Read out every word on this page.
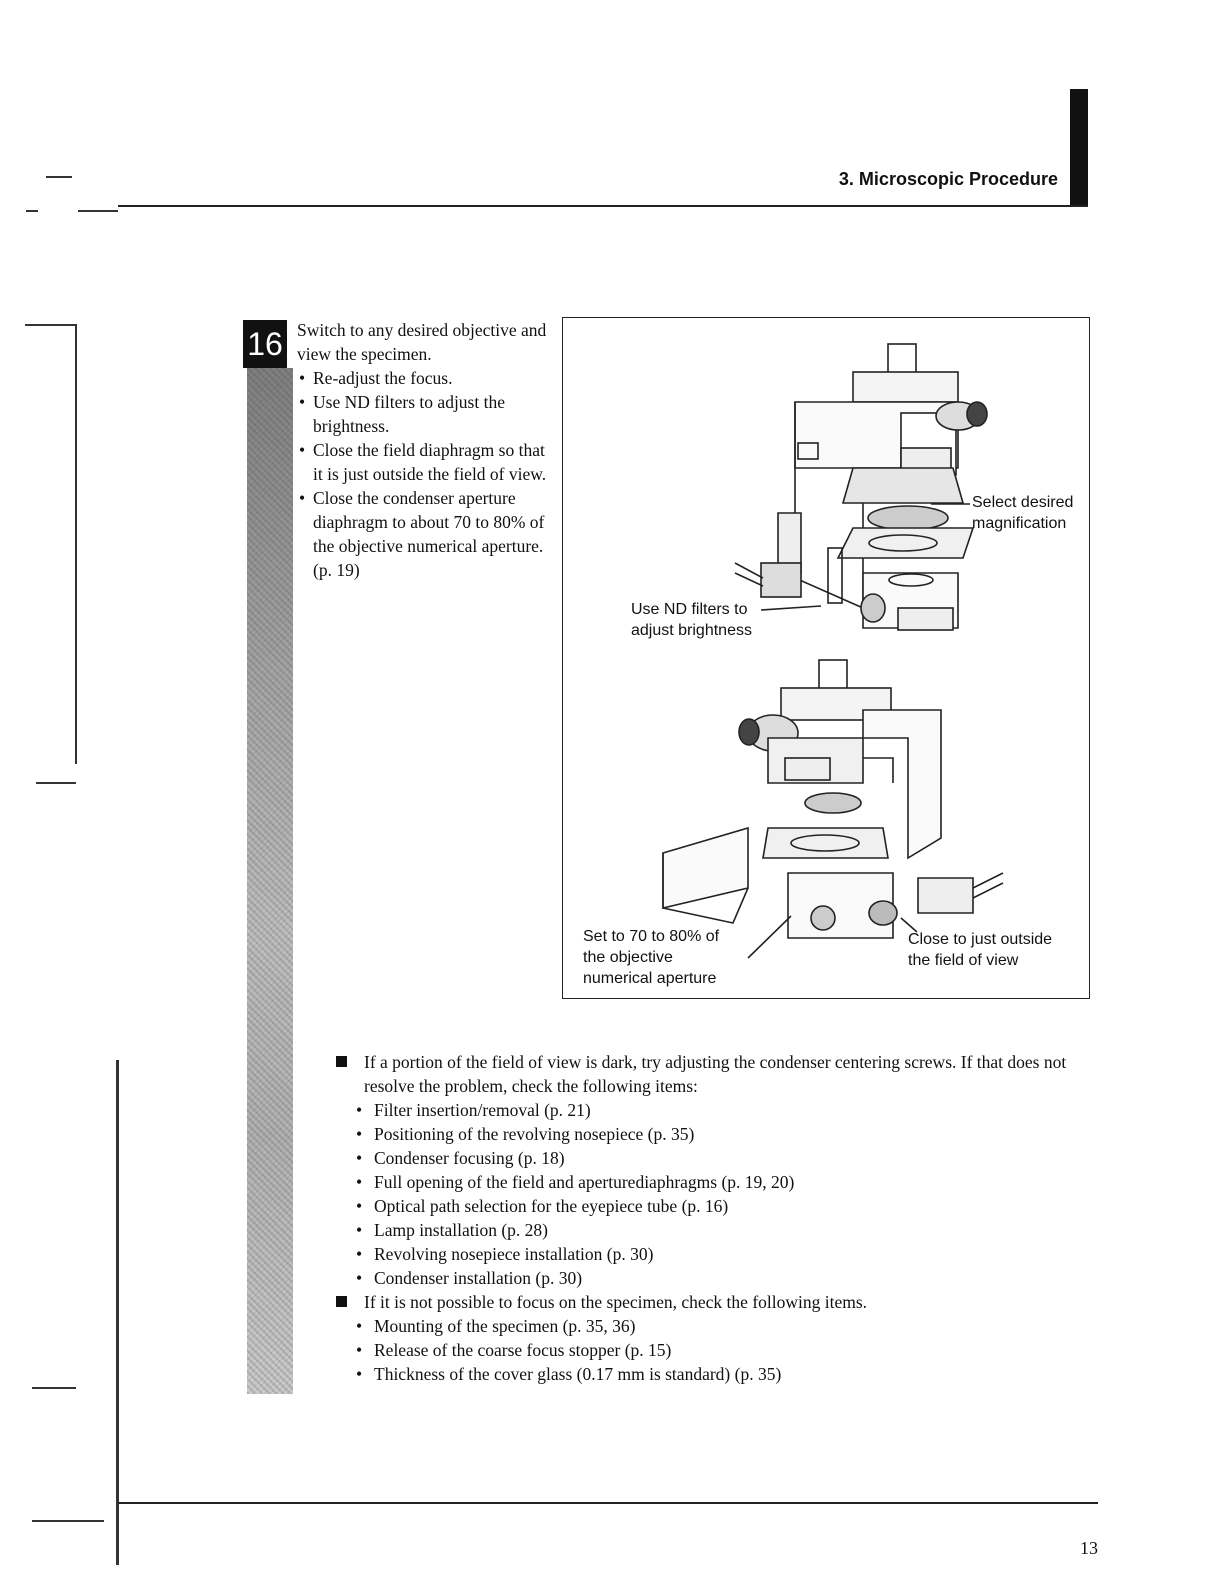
3. Microscopic Procedure
16 Switch to any desired objective and view the specimen.

• Re-adjust the focus.
• Use ND filters to adjust the brightness.
• Close the field diaphragm so that it is just outside the field of view.
• Close the condenser aperture diaphragm to about 70 to 80% of the objective numerical aperture. (p. 19)
Select desired magnification
Use ND filters to adjust brightness
Set to 70 to 80% of the objective numerical aperture
Close to just outside the field of view
If a portion of the field of view is dark, try adjusting the condenser centering screws. If that does not resolve the problem, check the following items:
• Filter insertion/removal (p. 21)
• Positioning of the revolving nosepiece (p. 35)
• Condenser focusing (p. 18)
• Full opening of the field and aperturediaphragms (p. 19, 20)
• Optical path selection for the eyepiece tube (p. 16)
• Lamp installation (p. 28)
• Revolving nosepiece installation (p. 30)
• Condenser installation (p. 30)
If it is not possible to focus on the specimen, check the following items.
• Mounting of the specimen (p. 35, 36)
• Release of the coarse focus stopper (p. 15)
• Thickness of the cover glass (0.17 mm is standard) (p. 35)
13
